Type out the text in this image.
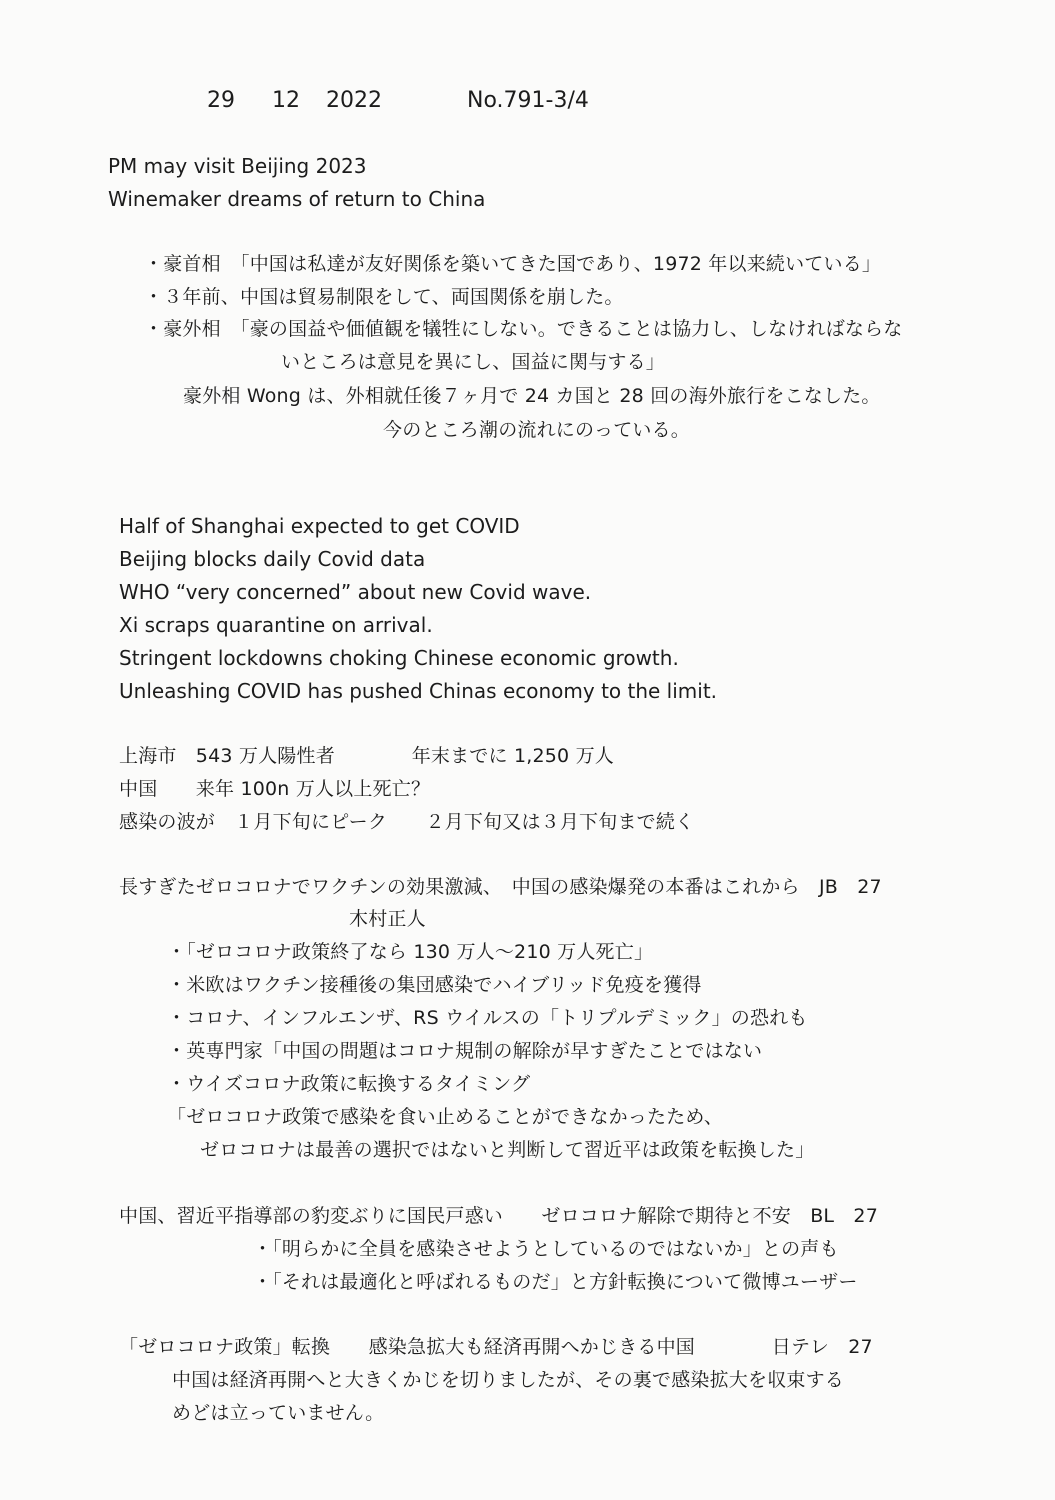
29 12 2022	No.791-3/4
PM may visit Beijing 2023
Winemaker dreams of return to China
・豪首相　「中国は私達が友好関係を築いてきた国であり、1972 年以来続いている」
・３年前、中国は貿易制限をして、両国関係を崩した。
・豪外相　「豪の国益や価値観を犠牲にしない。できることは協力し、しなければならな
いところは意見を異にし、国益に関与する」
豪外相 Wong は、外相就任後７ヶ月で 24 カ国と 28 回の海外旅行をこなした。
今のところ潮の流れにのっている。
Half of Shanghai expected to get COVID
Beijing blocks daily Covid data
WHO “very concerned” about new Covid wave.
Xi scraps quarantine on arrival.
Stringent lockdowns choking Chinese economic growth.
Unleashing COVID has pushed Chinas economy to the limit.
上海市　543 万人陽性者　　　　年末までに 1,250 万人
中国　　来年 100n 万人以上死亡？
感染の波が　１月下旬にピーク　　２月下旬又は３月下旬まで続く
長すぎたゼロコロナでワクチンの効果激減、　中国の感染爆発の本番はこれから　JB　27
木村正人
・「ゼロコロナ政策終了なら 130 万人〜210 万人死亡」
・米欧はワクチン接種後の集団感染でハイブリッド免疫を獲得
・コロナ、インフルエンザ、RS ウイルスの「トリプルデミック」の恐れも
・英専門家「中国の問題はコロナ規制の解除が早すぎたことではない
・ウイズコロナ政策に転換するタイミング
「ゼロコロナ政策で感染を食い止めることができなかったため、
ゼロコロナは最善の選択ではないと判断して習近平は政策を転換した」
中国、習近平指導部の豹変ぶりに国民戸惑い　　ゼロコロナ解除で期待と不安　BL　27
・「明らかに全員を感染させようとしているのではないか」との声も
・「それは最適化と呼ばれるものだ」と方針転換について微博ユーザー
「ゼロコロナ政策」転換　　感染急拡大も経済再開へかじきる中国　　　　日テレ　27
中国は経済再開へと大きくかじを切りましたが、その裏で感染拡大を収束する
めどは立っていません。
